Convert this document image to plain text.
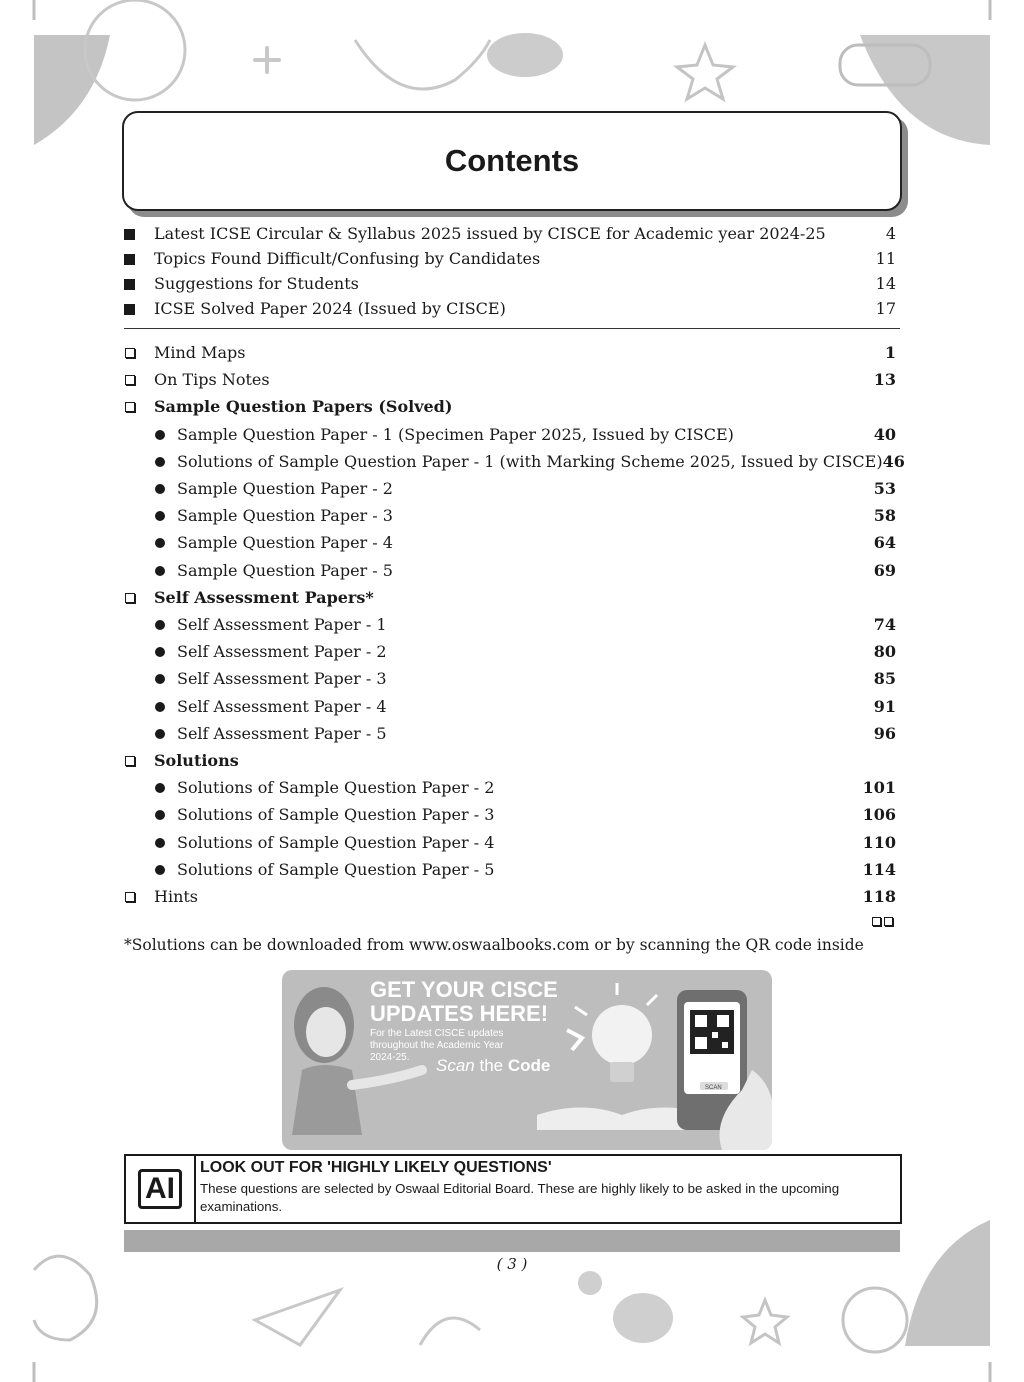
Contents
Latest ICSE Circular & Syllabus 2025 issued by CISCE for Academic year 2024-25	4
Topics Found Difficult/Confusing by Candidates	11
Suggestions for Students	14
ICSE Solved Paper 2024 (Issued by CISCE)	17
Mind Maps	1
On Tips Notes	13
Sample Question Papers (Solved)
Sample Question Paper - 1 (Specimen Paper 2025, Issued by CISCE)	40
Solutions of Sample Question Paper - 1 (with Marking Scheme 2025, Issued by CISCE) 46
Sample Question Paper - 2	53
Sample Question Paper - 3	58
Sample Question Paper - 4	64
Sample Question Paper - 5	69
Self Assessment Papers*
Self Assessment Paper - 1	74
Self Assessment Paper - 2	80
Self Assessment Paper - 3	85
Self Assessment Paper - 4	91
Self Assessment Paper - 5	96
Solutions
Solutions of Sample Question Paper - 2	101
Solutions of Sample Question Paper - 3	106
Solutions of Sample Question Paper - 4	110
Solutions of Sample Question Paper - 5	114
Hints	118
*Solutions can be downloaded from www.oswaalbooks.com or by scanning the QR code inside
GET YOUR CISCE
UPDATES HERE!
For the Latest CISCE updates throughout the Academic Year 2024-25.	Scan the Code
SCAN
AI
LOOK OUT FOR 'HIGHLY LIKELY QUESTIONS'
These questions are selected by Oswaal Editorial Board. These are highly likely to be asked in the upcoming examinations.
( 3 )
